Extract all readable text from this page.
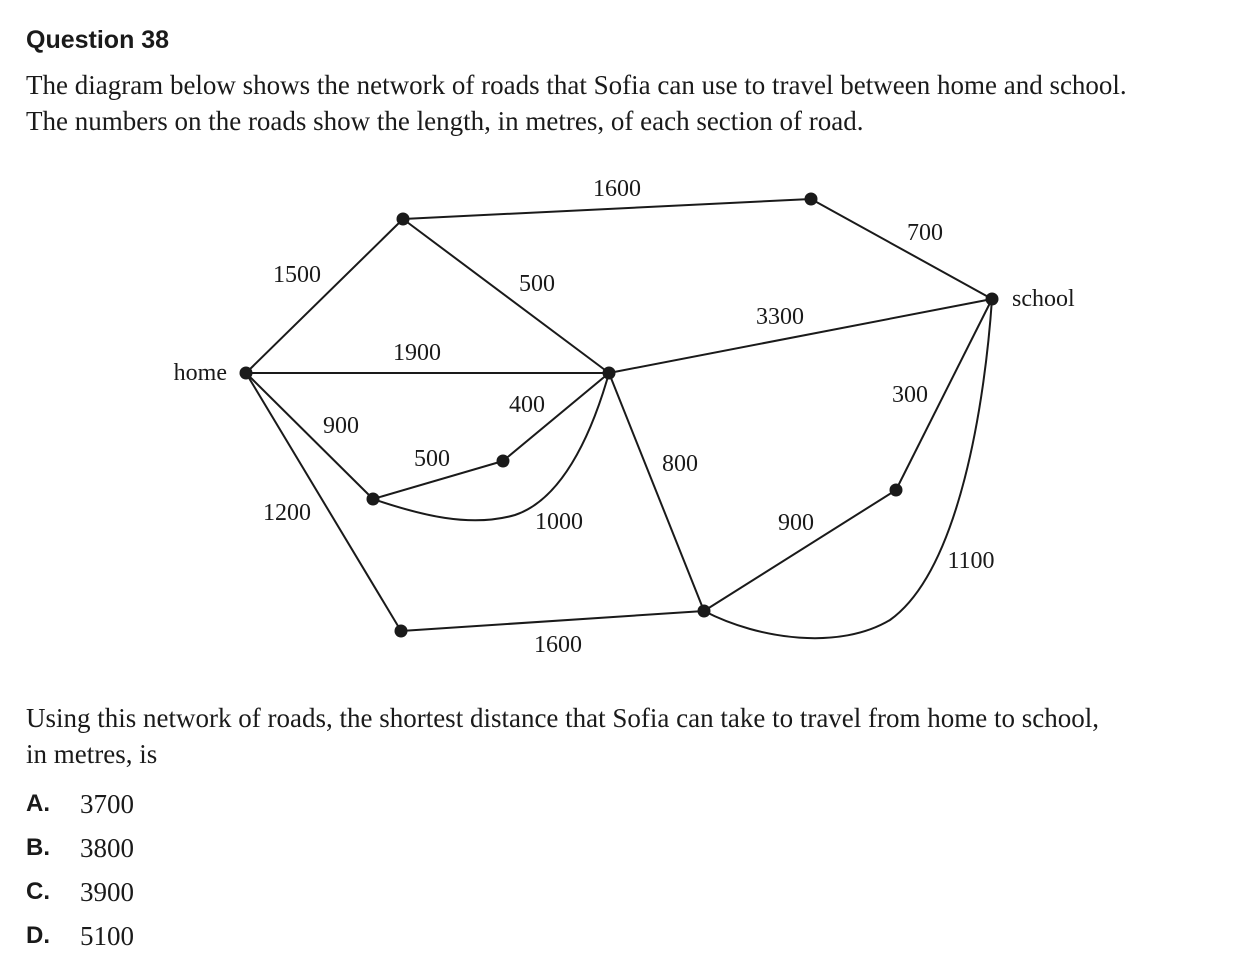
Question 38
The diagram below shows the network of roads that Sofia can use to travel between home and school.
The numbers on the roads show the length, in metres, of each section of road.
home
school
1600
700
1500	500
3300
1900
400	300
900
500	800
1200	1000	900
1100
1600
Using this network of roads, the shortest distance that Sofia can take to travel from home to school,
in metres, is
A.	3700
B.	3800
C.	3900
D.	5100
